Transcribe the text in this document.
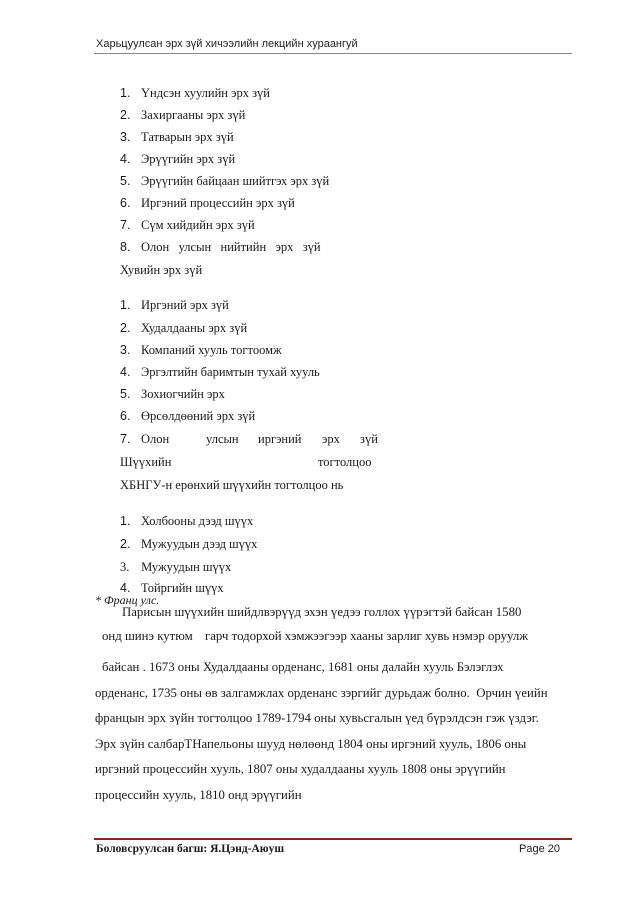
Харьцуулсан эрх зүй хичээлийн лекцийн хураангуй
1. Үндсэн хуулийн эрх зүй
2. Захиргааны эрх зүй
3. Татварын эрх зүй
4. Эрүүгийн эрх зүй
5. Эрүүгийн байцаан шийтгэх эрх зүй
6. Иргэний процессийн эрх зүй
7. Сүм хийдийн эрх зүй
8. Олон   улсын   нийтийн   эрх   зүй
Хувийн эрх зүй
1. Иргэний эрх зүй
2. Худалдааны эрх зүй
3. Компаний хууль тогтоомж
4. Эргэлтийн баримтын тухай хууль
5. Зохиогчийн эрх
6. Өрсөлдөөний эрх зүй
7. Олон	улсын иргэний эрх зүй
Шүүхийн	тогтолцоо
ХБНГУ-н ерөнхий шүүхийн тогтолцоо нь
1. Холбооны дээд шүүх
2. Мужуудын дээд шүүх
3. Мужуудын шүүх
4. Тойргийн шүүх
* Франц улс.
Парисын шүүхийн шийдлвэрүүд эхэн үедээ голлох үүрэгтэй байсан 1580
онд шинэ кутюм гарч тодорхой хэмжээгээр хааны зарлиг хувь нэмэр оруулж
байсан . 1673 оны Худалдааны орденанс, 1681 оны далайн хууль Бэлэглэх
орденанс, 1735 оны өв залгамжлах орденанс зэргийг дурьдаж болно.  Орчин үеийн
францын эрх зүйн тогтолцоо 1789-1794 оны хувьсгалын үед бүрэлдсэн гэж үздэг.
Эрх зүйн салбарТНапельоны шууд нөлөөнд 1804 оны иргэний хууль, 1806 оны
иргэний процессийн хууль, 1807 оны худалдааны хууль 1808 оны эрүүгийн
процессийн хууль, 1810 онд эрүүгийн
Боловсруулсан багш: Я.Цэнд-Аюуш	Page 20
